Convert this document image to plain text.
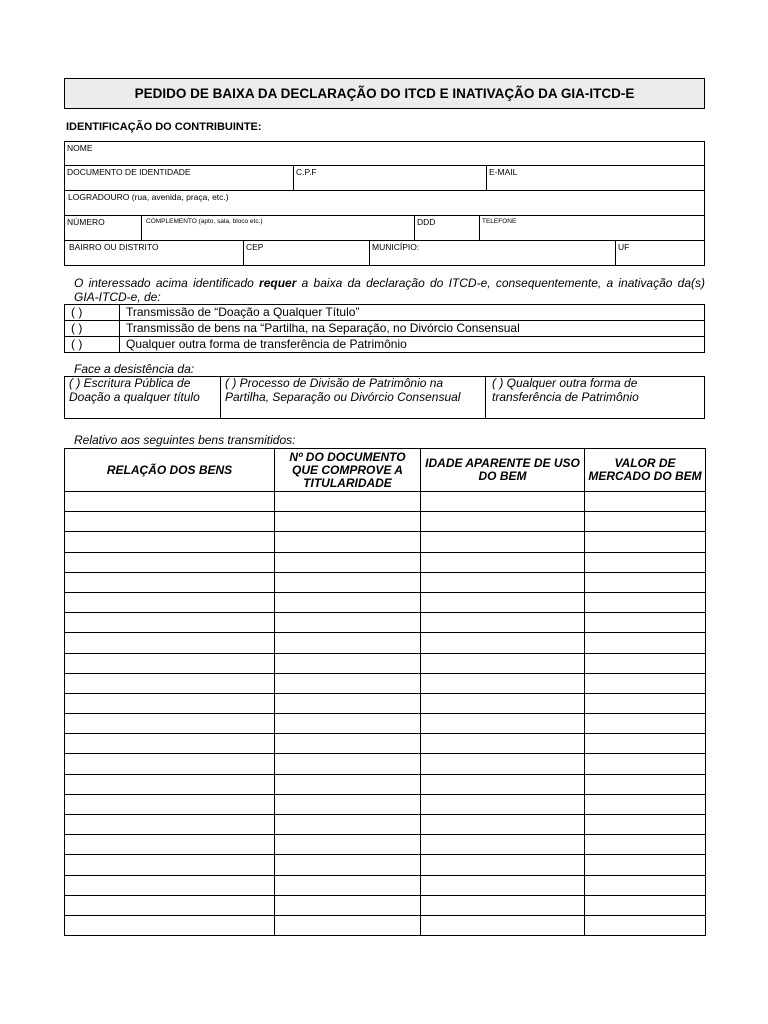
PEDIDO DE BAIXA DA DECLARAÇÃO DO ITCD E INATIVAÇÃO DA GIA-ITCD-E
IDENTIFICAÇÃO DO CONTRIBUINTE:
NOME
DOCUMENTO DE IDENTIDADE	C.P.F	E-MAIL
LOGRADOURO (rua, avenida, praça, etc.)
NÚMERO	COMPLEMENTO (apto, sala, bloco etc.)	DDD	TELEFONE
BAIRRO OU DISTRITO	CEP	MUNICÍPIO:	UF
O interessado acima identificado requer a baixa da declaração do ITCD-e, consequentemente, a inativação da(s) GIA-ITCD-e, de:
( )	Transmissão de “Doação a Qualquer Título”
( )	Transmissão de bens na “Partilha, na Separação, no Divórcio Consensual
( )	Qualquer outra forma de transferência de Patrimônio
Face a desistência da:
( ) Escritura Pública de Doação a qualquer título
( ) Processo de Divisão de Patrimônio na Partilha, Separação ou Divórcio Consensual
( ) Qualquer outra forma de transferência de Patrimônio
Relativo aos seguintes bens transmitidos:
RELAÇÃO DOS BENS	Nº DO DOCUMENTO QUE COMPROVE A TITULARIDADE	IDADE APARENTE DE USO DO BEM	VALOR DE MERCADO DO BEM
